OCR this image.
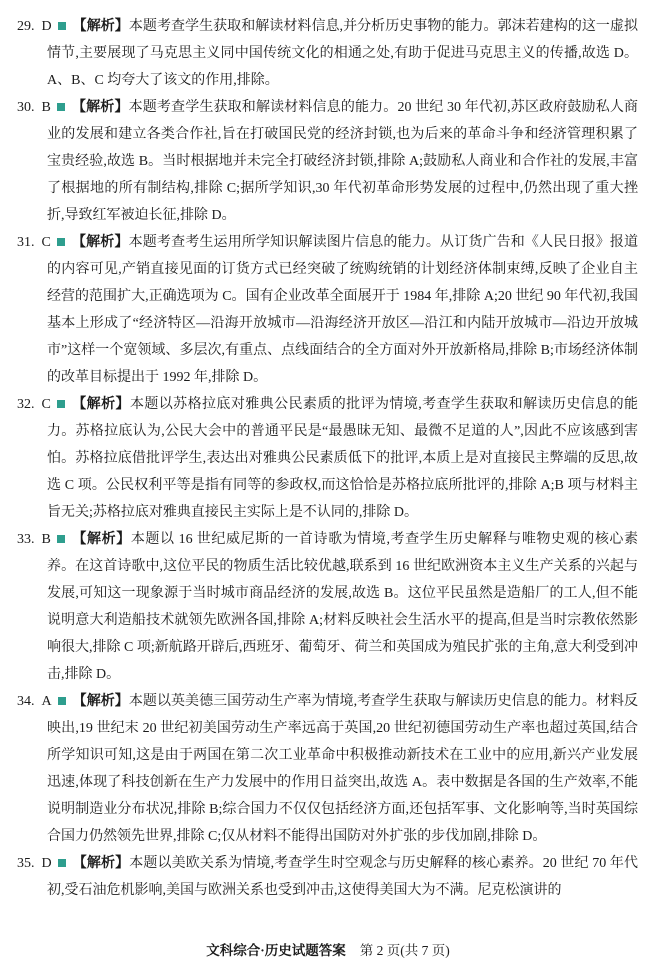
29. D 【解析】本题考查学生获取和解读材料信息,并分析历史事物的能力。郭沫若建构的这一虚拟情节,主要展现了马克思主义同中国传统文化的相通之处,有助于促进马克思主义的传播,故选 D。A、B、C 均夸大了该文的作用,排除。

30. B 【解析】本题考查学生获取和解读材料信息的能力。20 世纪 30 年代初,苏区政府鼓励私人商业的发展和建立各类合作社,旨在打破国民党的经济封锁,也为后来的革命斗争和经济管理积累了宝贵经验,故选 B。当时根据地并未完全打破经济封锁,排除 A;鼓励私人商业和合作社的发展,丰富了根据地的所有制结构,排除 C;据所学知识,30 年代初革命形势发展的过程中,仍然出现了重大挫折,导致红军被迫长征,排除 D。

31. C 【解析】本题考查考生运用所学知识解读图片信息的能力。从订货广告和《人民日报》报道的内容可见,产销直接见面的订货方式已经突破了统购统销的计划经济体制束缚,反映了企业自主经营的范围扩大,正确选项为 C。国有企业改革全面展开于 1984 年,排除 A;20 世纪 90 年代初,我国基本上形成了“经济特区—沿海开放城市—沿海经济开放区—沿江和内陆开放城市—沿边开放城市”这样一个宽领域、多层次,有重点、点线面结合的全方面对外开放新格局,排除 B;市场经济体制的改革目标提出于 1992 年,排除 D。

32. C 【解析】本题以苏格拉底对雅典公民素质的批评为情境,考查学生获取和解读历史信息的能力。苏格拉底认为,公民大会中的普通平民是“最愚昧无知、最微不足道的人”,因此不应该感到害怕。苏格拉底借批评学生,表达出对雅典公民素质低下的批评,本质上是对直接民主弊端的反思,故选 C 项。公民权利平等是指有同等的参政权,而这恰恰是苏格拉底所批评的,排除 A;B 项与材料主旨无关;苏格拉底对雅典直接民主实际上是不认同的,排除 D。

33. B 【解析】本题以 16 世纪威尼斯的一首诗歌为情境,考查学生历史解释与唯物史观的核心素养。在这首诗歌中,这位平民的物质生活比较优越,联系到 16 世纪欧洲资本主义生产关系的兴起与发展,可知这一现象源于当时城市商品经济的发展,故选 B。这位平民虽然是造船厂的工人,但不能说明意大利造船技术就领先欧洲各国,排除 A;材料反映社会生活水平的提高,但是当时宗教依然影响很大,排除 C 项;新航路开辟后,西班牙、葡萄牙、荷兰和英国成为殖民扩张的主角,意大利受到冲击,排除 D。

34. A 【解析】本题以英美德三国劳动生产率为情境,考查学生获取与解读历史信息的能力。材料反映出,19 世纪末 20 世纪初美国劳动生产率远高于英国,20 世纪初德国劳动生产率也超过英国,结合所学知识可知,这是由于两国在第二次工业革命中积极推动新技术在工业中的应用,新兴产业发展迅速,体现了科技创新在生产力发展中的作用日益突出,故选 A。表中数据是各国的生产效率,不能说明制造业分布状况,排除 B;综合国力不仅仅包括经济方面,还包括军事、文化影响等,当时英国综合国力仍然领先世界,排除 C;仅从材料不能得出国防对外扩张的步伐加剧,排除 D。

35. D 【解析】本题以美欧关系为情境,考查学生时空观念与历史解释的核心素养。20 世纪 70 年代初,受石油危机影响,美国与欧洲关系也受到冲击,这使得美国大为不满。尼克松演讲的

文科综合·历史试题答案 第 2 页(共 7 页)
